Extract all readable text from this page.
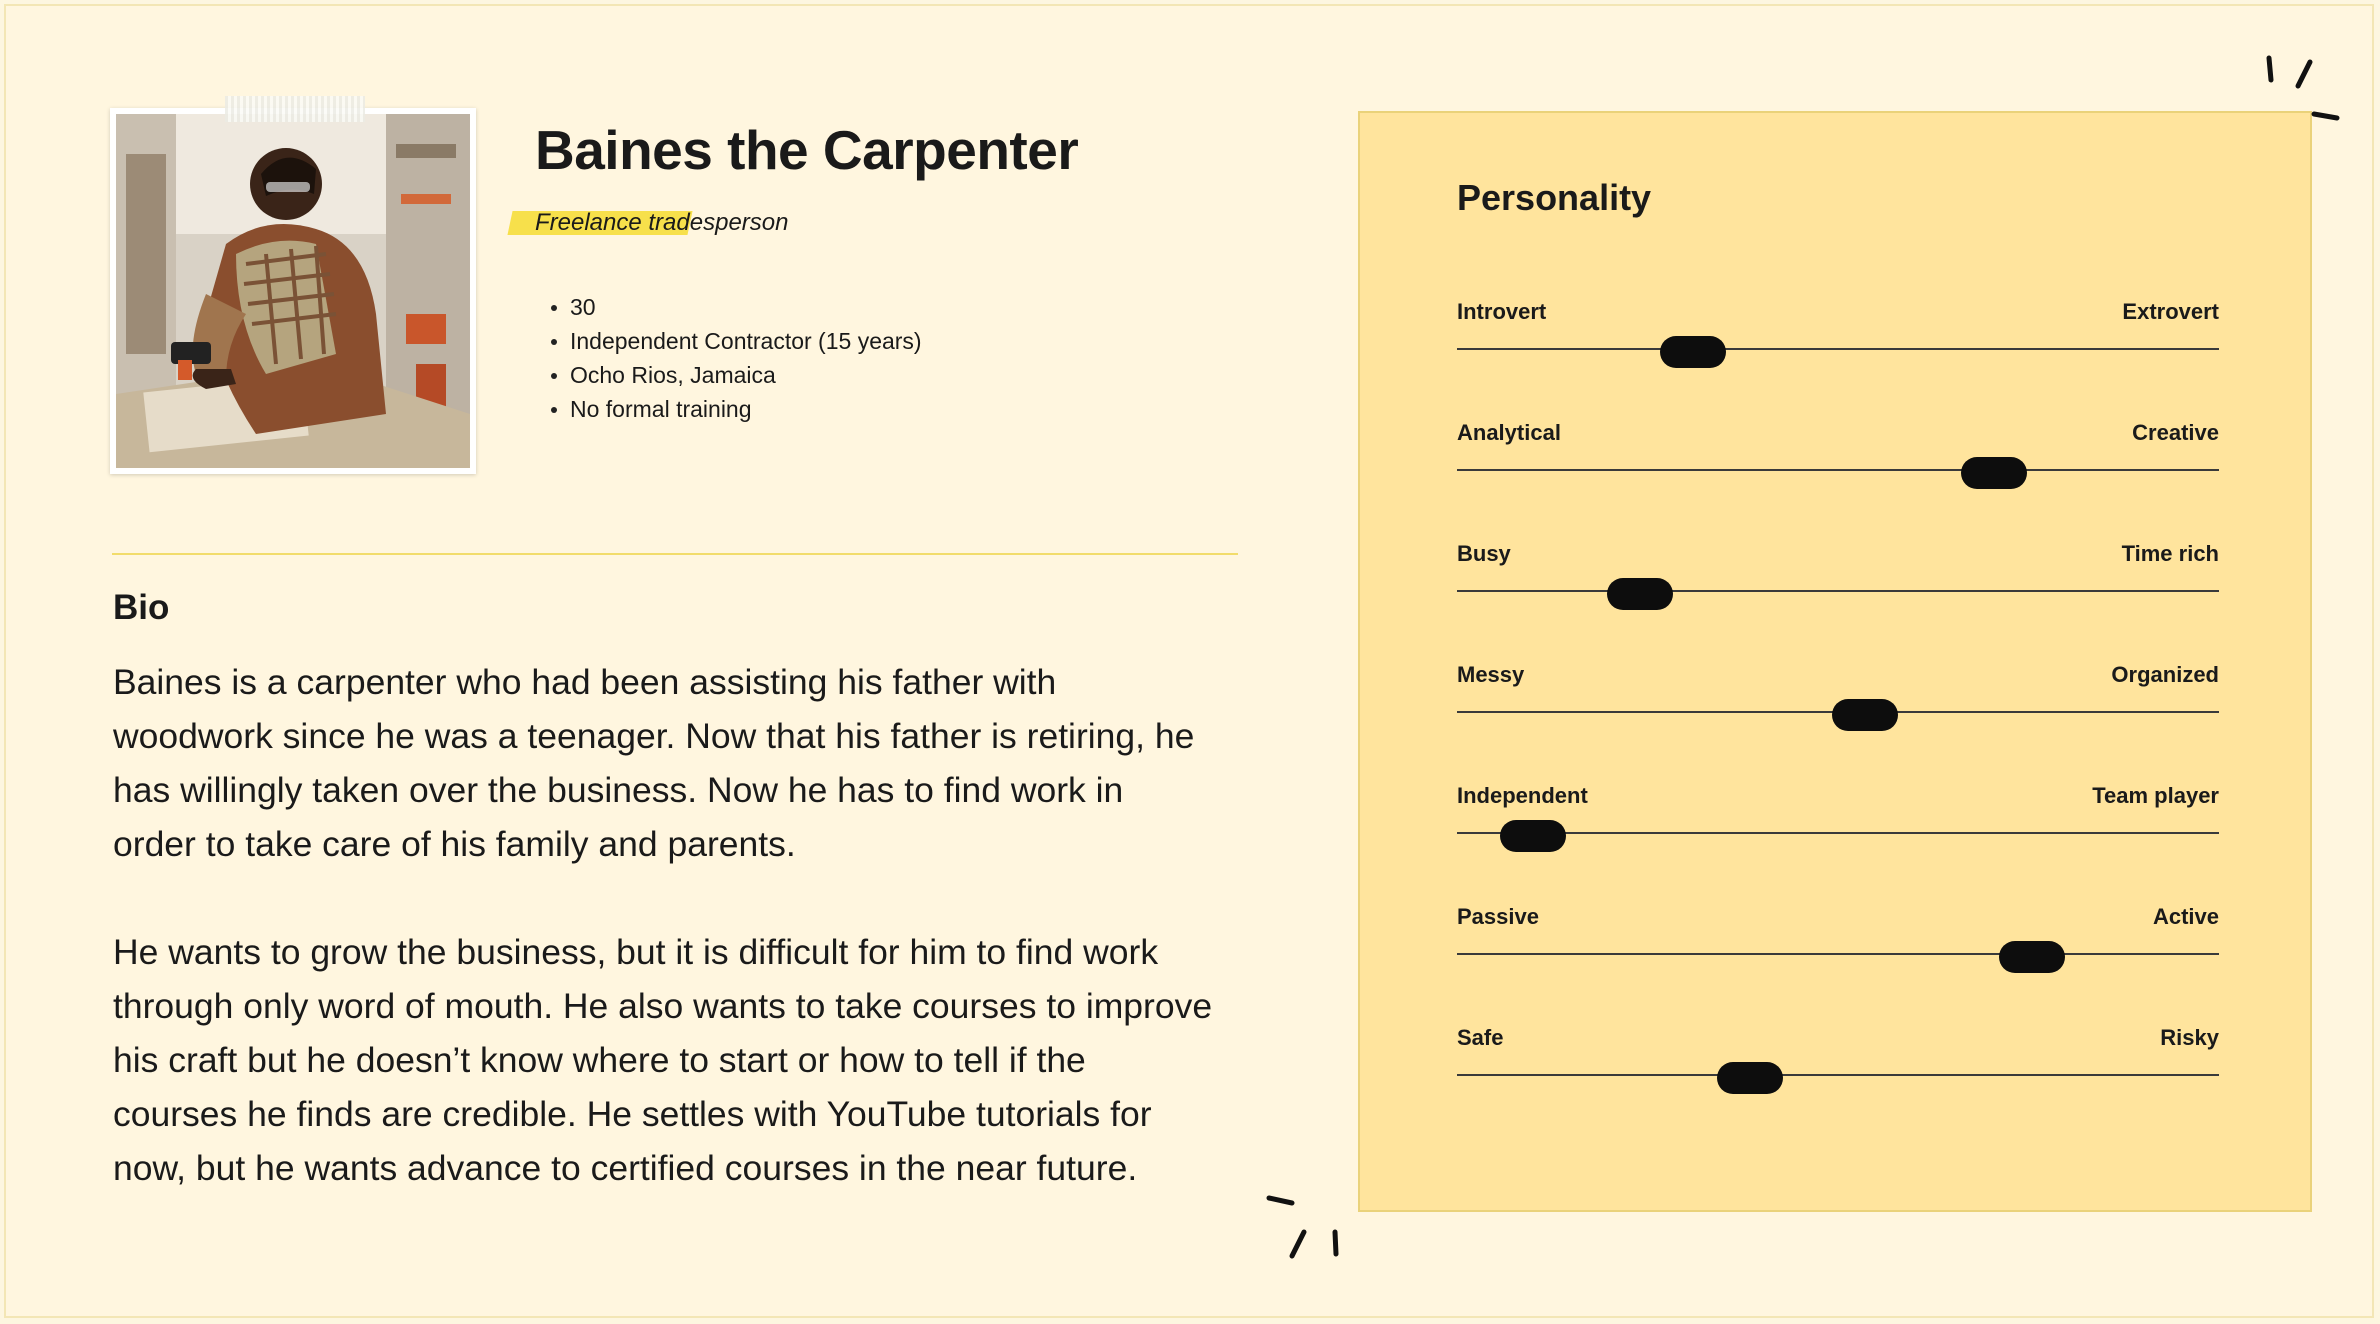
Baines the Carpenter
Freelance tradesperson
30
Independent Contractor (15 years)
Ocho Rios, Jamaica
No formal training
Bio

Baines is a carpenter who had been assisting his father with woodwork since he was a teenager. Now that his father is retiring, he has willingly taken over the business. Now he has to find work in order to take care of his family and parents.

He wants to grow the business, but it is difficult for him to find work through only word of mouth. He also wants to take courses to improve his craft but he doesn’t know where to start or how to tell if the courses he finds are credible. He settles with YouTube tutorials for now, but he wants advance to certified courses in the near future.

Personality
Introvert	Extrovert
Analytical	Creative
Busy	Time rich
Messy	Organized
Independent	Team player
Passive	Active
Safe	Risky
